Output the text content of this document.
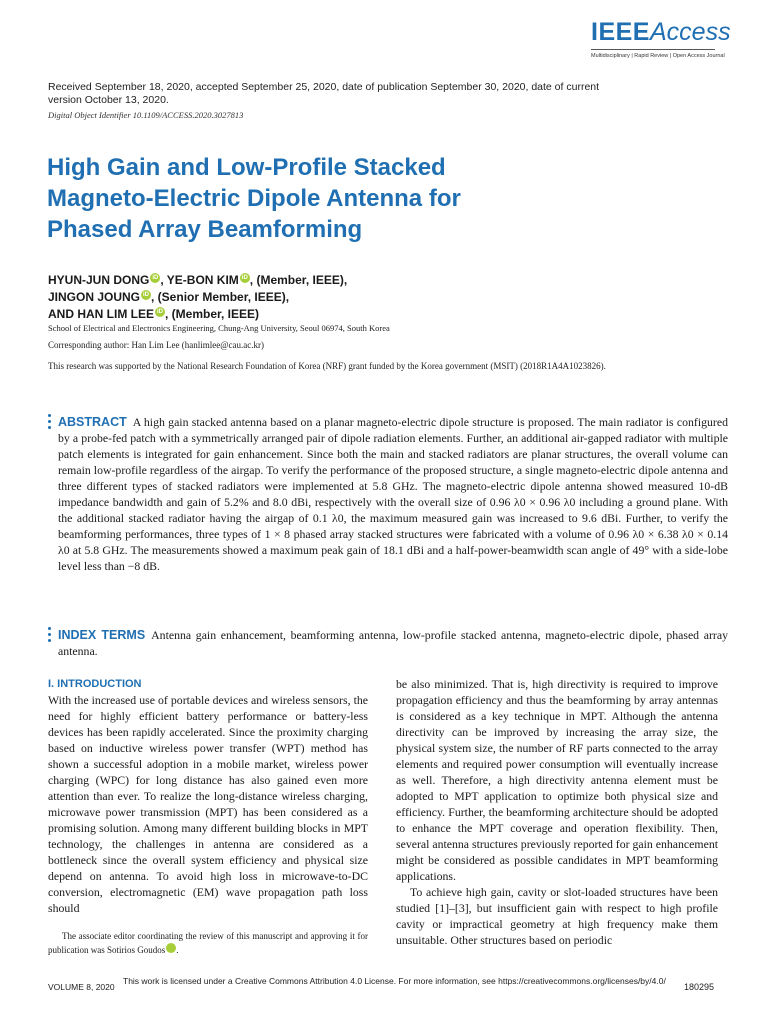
IEEEAccess
Multidisciplinary | Rapid Review | Open Access Journal
Received September 18, 2020, accepted September 25, 2020, date of publication September 30, 2020, date of current version October 13, 2020.
Digital Object Identifier 10.1109/ACCESS.2020.3027813
High Gain and Low-Profile Stacked Magneto-Electric Dipole Antenna for Phased Array Beamforming
HYUN-JUN DONG iD , YE-BON KIM iD , (Member, IEEE),
JINGON JOUNG iD , (Senior Member, IEEE),
AND HAN LIM LEE iD , (Member, IEEE)
School of Electrical and Electronics Engineering, Chung-Ang University, Seoul 06974, South Korea
Corresponding author: Han Lim Lee (hanlimlee@cau.ac.kr)
This research was supported by the National Research Foundation of Korea (NRF) grant funded by the Korea government (MSIT) (2018R1A4A1023826).
ABSTRACT A high gain stacked antenna based on a planar magneto-electric dipole structure is proposed. The main radiator is configured by a probe-fed patch with a symmetrically arranged pair of dipole radiation elements. Further, an additional air-gapped radiator with multiple patch elements is integrated for gain enhancement. Since both the main and stacked radiators are planar structures, the overall volume can remain low-profile regardless of the airgap. To verify the performance of the proposed structure, a single magneto-electric dipole antenna and three different types of stacked radiators were implemented at 5.8 GHz. The magneto-electric dipole antenna showed measured 10-dB impedance bandwidth and gain of 5.2% and 8.0 dBi, respectively with the overall size of 0.96 λ0 × 0.96 λ0 including a ground plane. With the additional stacked radiator having the airgap of 0.1 λ0, the maximum measured gain was increased to 9.6 dBi. Further, to verify the beamforming performances, three types of 1 × 8 phased array stacked structures were fabricated with a volume of 0.96 λ0 × 6.38 λ0 × 0.14 λ0 at 5.8 GHz. The measurements showed a maximum peak gain of 18.1 dBi and a half-power-beamwidth scan angle of 49° with a side-lobe level less than −8 dB.
INDEX TERMS Antenna gain enhancement, beamforming antenna, low-profile stacked antenna, magneto-electric dipole, phased array antenna.
I. INTRODUCTION
With the increased use of portable devices and wireless sensors, the need for highly efficient battery performance or battery-less devices has been rapidly accelerated. Since the proximity charging based on inductive wireless power transfer (WPT) method has shown a successful adoption in a mobile market, wireless power charging (WPC) for long distance has also gained even more attention than ever. To realize the long-distance wireless charging, microwave power transmission (MPT) has been considered as a promising solution. Among many different building blocks in MPT technology, the challenges in antenna are considered as a bottleneck since the overall system efficiency and physical size depend on antenna. To avoid high loss in microwave-to-DC conversion, electromagnetic (EM) wave propagation path loss should

be also minimized. That is, high directivity is required to improve propagation efficiency and thus the beamforming by array antennas is considered as a key technique in MPT. Although the antenna directivity can be improved by increasing the array size, the physical system size, the number of RF parts connected to the array elements and required power consumption will eventually increase as well. Therefore, a high directivity antenna element must be adopted to MPT application to optimize both physical size and efficiency. Further, the beamforming architecture should be adopted to enhance the MPT coverage and operation flexibility. Then, several antenna structures previously reported for gain enhancement might be considered as possible candidates in MPT beamforming applications.

To achieve high gain, cavity or slot-loaded structures have been studied [1]–[3], but insufficient gain with respect to high profile cavity or impractical geometry at high frequency make them unsuitable. Other structures based on periodic

The associate editor coordinating the review of this manuscript and approving it for publication was Sotirios Goudos	iD.
VOLUME 8, 2020
This work is licensed under a Creative Commons Attribution 4.0 License. For more information, see https://creativecommons.org/licenses/by/4.0/
180295
